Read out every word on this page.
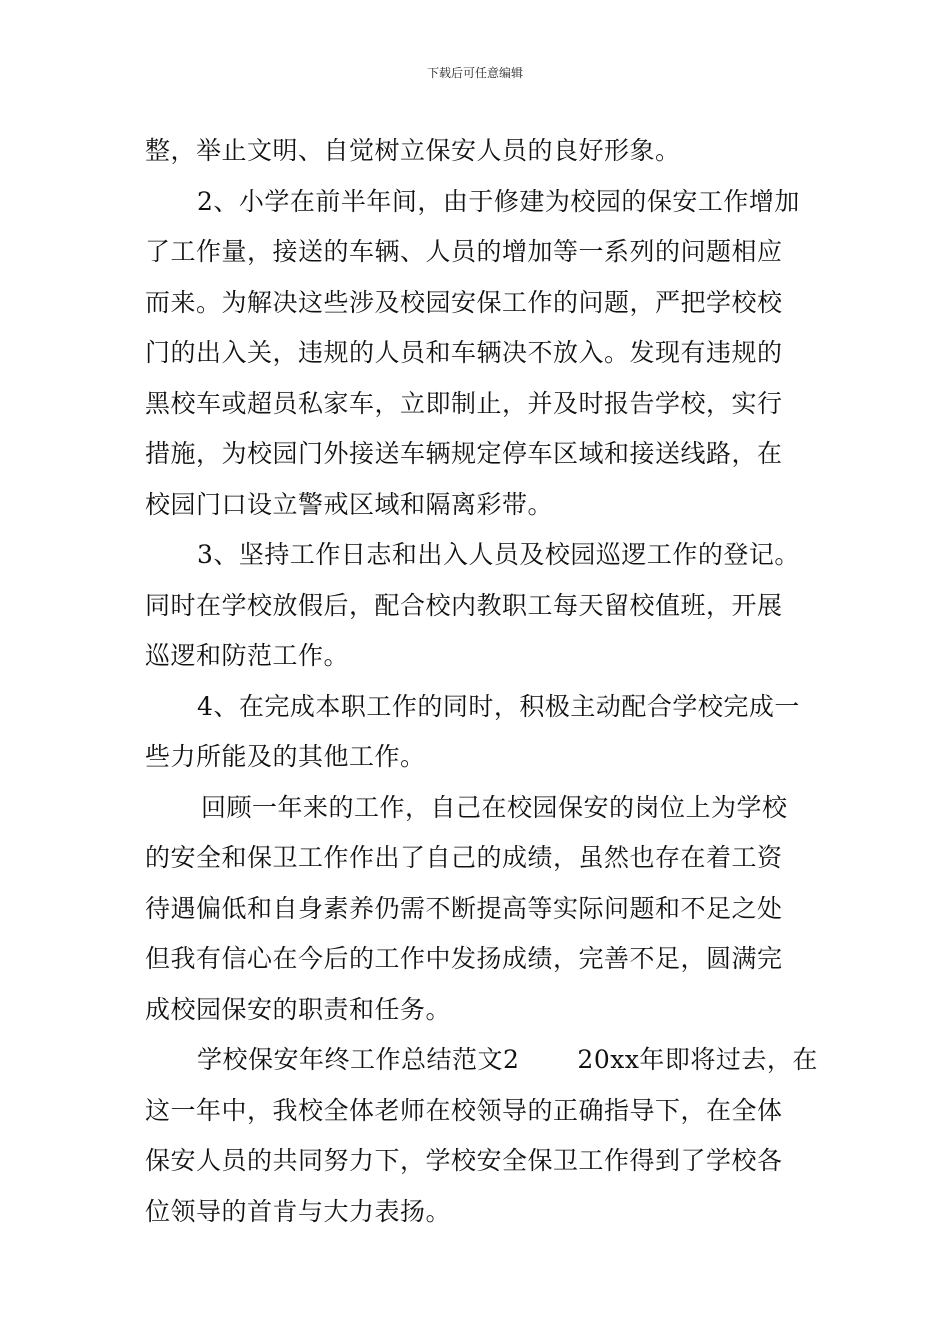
下载后可任意编辑
整，举止文明、自觉树立保安人员的良好形象。
2、小学在前半年间，由于修建为校园的保安工作增加
了工作量，接送的车辆、人员的增加等一系列的问题相应
而来。为解决这些涉及校园安保工作的问题，严把学校校
门的出入关，违规的人员和车辆决不放入。发现有违规的
黑校车或超员私家车，立即制止，并及时报告学校，实行
措施，为校园门外接送车辆规定停车区域和接送线路，在
校园门口设立警戒区域和隔离彩带。
3、坚持工作日志和出入人员及校园巡逻工作的登记。
同时在学校放假后，配合校内教职工每天留校值班，开展
巡逻和防范工作。
4、在完成本职工作的同时，积极主动配合学校完成一
些力所能及的其他工作。
回顾一年来的工作，自己在校园保安的岗位上为学校
的安全和保卫工作作出了自己的成绩，虽然也存在着工资
待遇偏低和自身素养仍需不断提高等实际问题和不足之处
但我有信心在今后的工作中发扬成绩，完善不足，圆满完
成校园保安的职责和任务。
学校保安年终工作总结范文2 20xx年即将过去，在
这一年中，我校全体老师在校领导的正确指导下，在全体
保安人员的共同努力下，学校安全保卫工作得到了学校各
位领导的首肯与大力表扬。
